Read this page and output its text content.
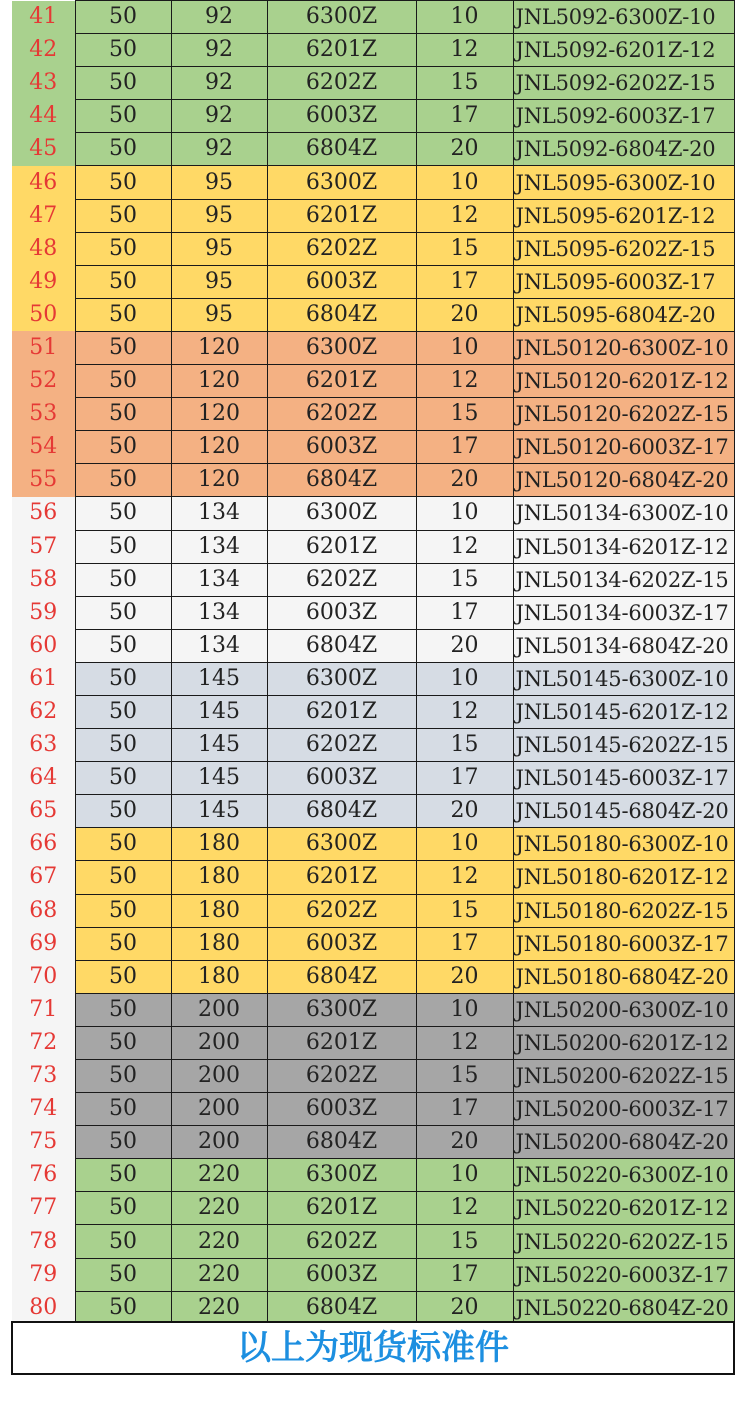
41	50	92	6300Z	10	JNL5092-6300Z-10
42	50	92	6201Z	12	JNL5092-6201Z-12
43	50	92	6202Z	15	JNL5092-6202Z-15
44	50	92	6003Z	17	JNL5092-6003Z-17
45	50	92	6804Z	20	JNL5092-6804Z-20
46	50	95	6300Z	10	JNL5095-6300Z-10
47	50	95	6201Z	12	JNL5095-6201Z-12
48	50	95	6202Z	15	JNL5095-6202Z-15
49	50	95	6003Z	17	JNL5095-6003Z-17
50	50	95	6804Z	20	JNL5095-6804Z-20
51	50	120	6300Z	10	JNL50120-6300Z-10
52	50	120	6201Z	12	JNL50120-6201Z-12
53	50	120	6202Z	15	JNL50120-6202Z-15
54	50	120	6003Z	17	JNL50120-6003Z-17
55	50	120	6804Z	20	JNL50120-6804Z-20
56	50	134	6300Z	10	JNL50134-6300Z-10
57	50	134	6201Z	12	JNL50134-6201Z-12
58	50	134	6202Z	15	JNL50134-6202Z-15
59	50	134	6003Z	17	JNL50134-6003Z-17
60	50	134	6804Z	20	JNL50134-6804Z-20
61	50	145	6300Z	10	JNL50145-6300Z-10
62	50	145	6201Z	12	JNL50145-6201Z-12
63	50	145	6202Z	15	JNL50145-6202Z-15
64	50	145	6003Z	17	JNL50145-6003Z-17
65	50	145	6804Z	20	JNL50145-6804Z-20
66	50	180	6300Z	10	JNL50180-6300Z-10
67	50	180	6201Z	12	JNL50180-6201Z-12
68	50	180	6202Z	15	JNL50180-6202Z-15
69	50	180	6003Z	17	JNL50180-6003Z-17
70	50	180	6804Z	20	JNL50180-6804Z-20
71	50	200	6300Z	10	JNL50200-6300Z-10
72	50	200	6201Z	12	JNL50200-6201Z-12
73	50	200	6202Z	15	JNL50200-6202Z-15
74	50	200	6003Z	17	JNL50200-6003Z-17
75	50	200	6804Z	20	JNL50200-6804Z-20
76	50	220	6300Z	10	JNL50220-6300Z-10
77	50	220	6201Z	12	JNL50220-6201Z-12
78	50	220	6202Z	15	JNL50220-6202Z-15
79	50	220	6003Z	17	JNL50220-6003Z-17
80	50	220	6804Z	20	JNL50220-6804Z-20
以上为现货标准件
